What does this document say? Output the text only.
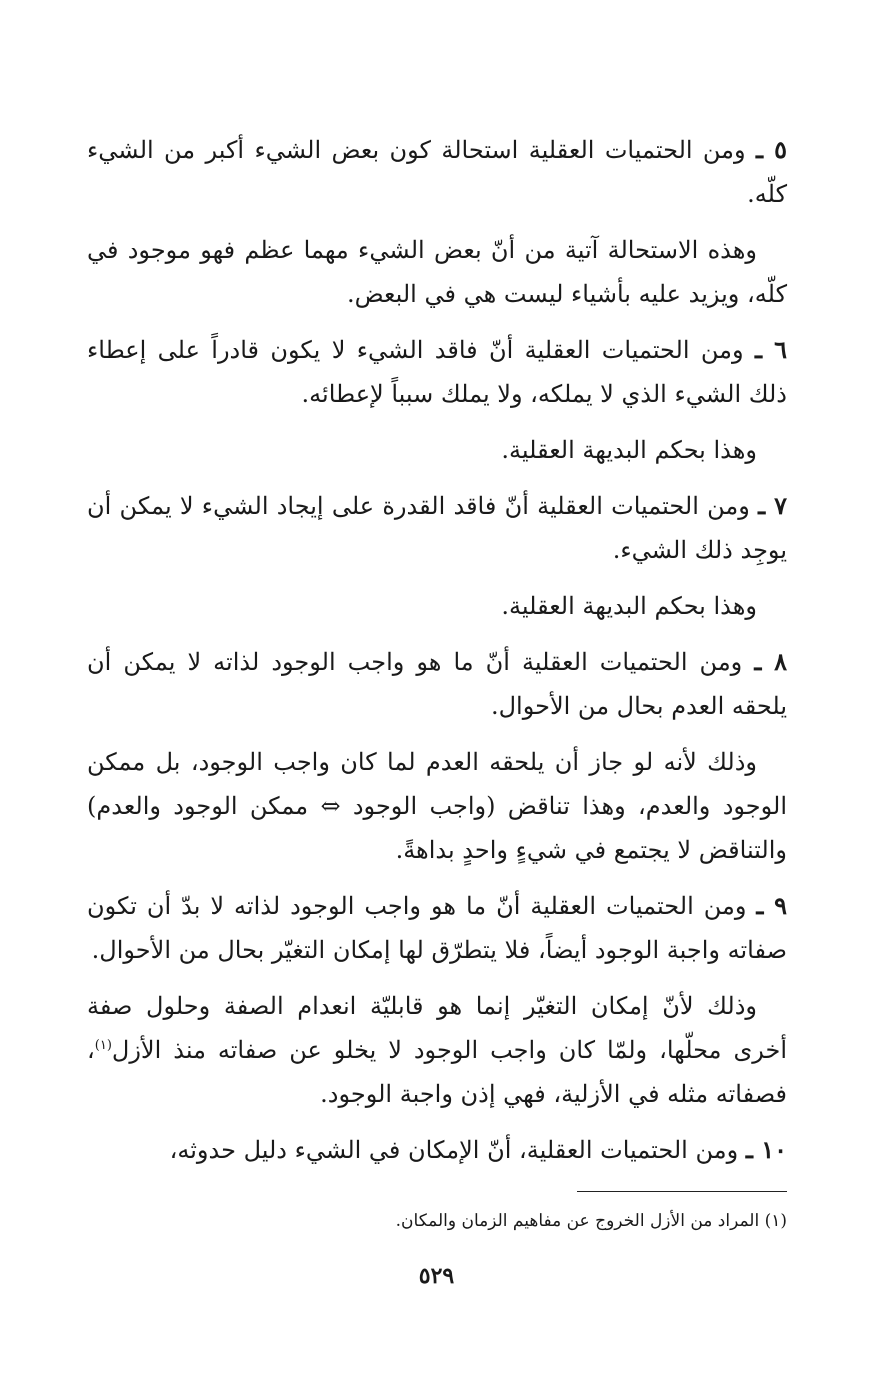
٥ ـ ومن الحتميات العقلية استحالة كون بعض الشيء أكبر من الشيء كلّه.

وهذه الاستحالة آتية من أنّ بعض الشيء مهما عظم فهو موجود في كلّه، ويزيد عليه بأشياء ليست هي في البعض.

٦ ـ ومن الحتميات العقلية أنّ فاقد الشيء لا يكون قادراً على إعطاء ذلك الشيء الذي لا يملكه، ولا يملك سبباً لإعطائه.

وهذا بحكم البديهة العقلية.

٧ ـ ومن الحتميات العقلية أنّ فاقد القدرة على إيجاد الشيء لا يمكن أن يوجِد ذلك الشيء.

وهذا بحكم البديهة العقلية.

٨ ـ ومن الحتميات العقلية أنّ ما هو واجب الوجود لذاته لا يمكن أن يلحقه العدم بحال من الأحوال.

وذلك لأنه لو جاز أن يلحقه العدم لما كان واجب الوجود، بل ممكن الوجود والعدم، وهذا تناقض (واجب الوجود ⇔ ممكن الوجود والعدم) والتناقض لا يجتمع في شيءٍ واحدٍ بداهةً.

٩ ـ ومن الحتميات العقلية أنّ ما هو واجب الوجود لذاته لا بدّ أن تكون صفاته واجبة الوجود أيضاً، فلا يتطرّق لها إمكان التغيّر بحال من الأحوال.

وذلك لأنّ إمكان التغيّر إنما هو قابليّة انعدام الصفة وحلول صفة أخرى محلّها، ولمّا كان واجب الوجود لا يخلو عن صفاته منذ الأزل$^{(١)}$، فصفاته مثله في الأزلية، فهي إذن واجبة الوجود.

١٠ ـ ومن الحتميات العقلية، أنّ الإمكان في الشيء دليل حدوثه،

(١) المراد من الأزل الخروج عن مفاهيم الزمان والمكان.
٥٢٩
